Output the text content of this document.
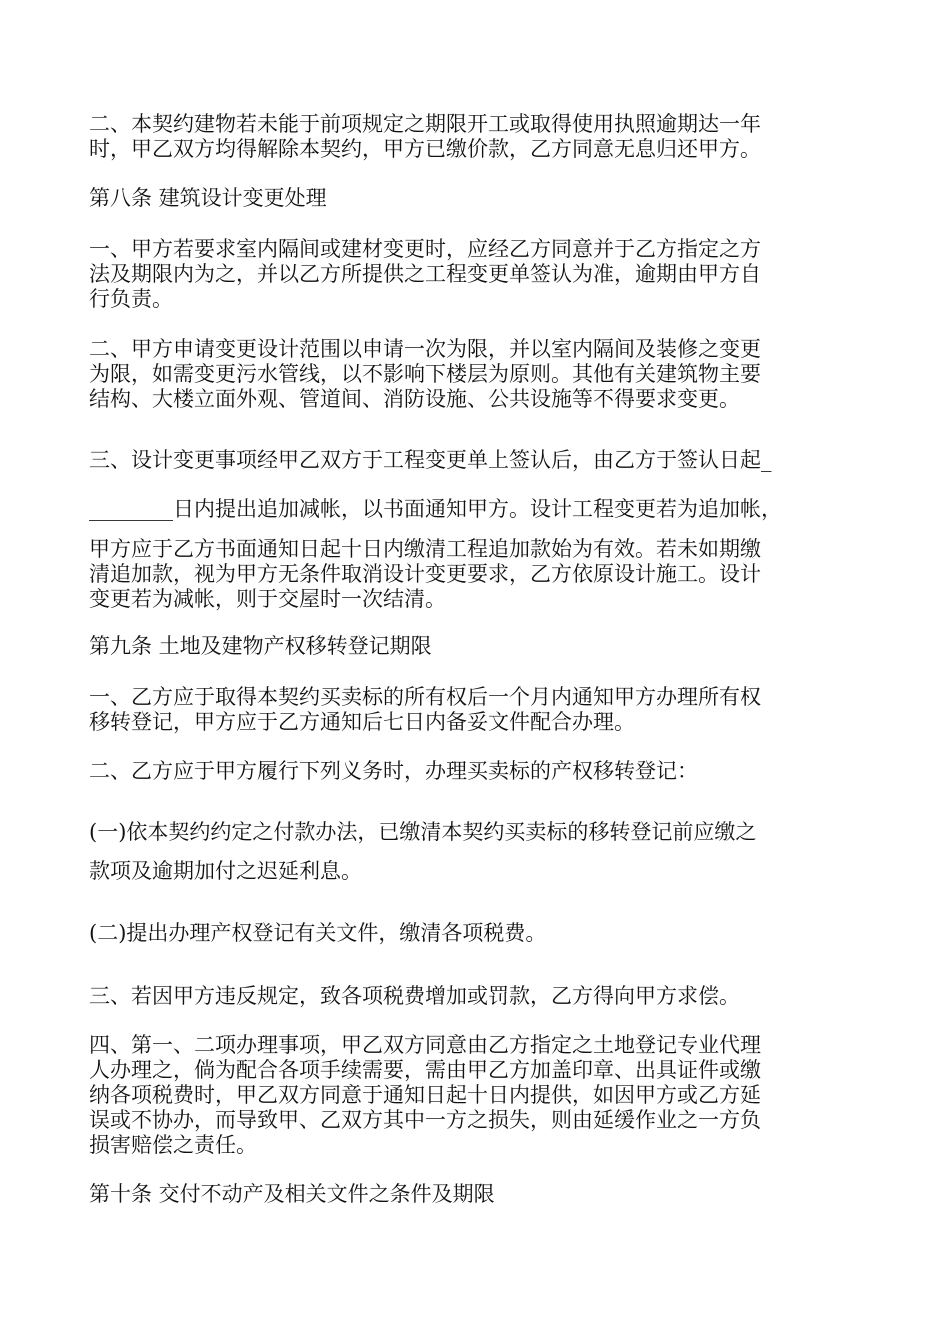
二、本契约建物若未能于前项规定之期限开工或取得使用执照逾期达一年
时，甲乙双方均得解除本契约，甲方已缴价款，乙方同意无息归还甲方。

第八条 建筑设计变更处理

一、甲方若要求室内隔间或建材变更时，应经乙方同意并于乙方指定之方
法及期限内为之，并以乙方所提供之工程变更单签认为准，逾期由甲方自
行负责。

二、甲方申请变更设计范围以申请一次为限，并以室内隔间及装修之变更
为限，如需变更污水管线，以不影响下楼层为原则。其他有关建筑物主要
结构、大楼立面外观、管道间、消防设施、公共设施等不得要求变更。

三、设计变更事项经甲乙双方于工程变更单上签认后，由乙方于签认日起_

________日内提出追加减帐，以书面通知甲方。设计工程变更若为追加帐，

甲方应于乙方书面通知日起十日内缴清工程追加款始为有效。若未如期缴
清追加款，视为甲方无条件取消设计变更要求，乙方依原设计施工。设计
变更若为减帐，则于交屋时一次结清。

第九条 土地及建物产权移转登记期限

一、乙方应于取得本契约买卖标的所有权后一个月内通知甲方办理所有权
移转登记，甲方应于乙方通知后七日内备妥文件配合办理。

二、乙方应于甲方履行下列义务时，办理买卖标的产权移转登记：

(一)依本契约约定之付款办法，已缴清本契约买卖标的移转登记前应缴之

款项及逾期加付之迟延利息。

(二)提出办理产权登记有关文件，缴清各项税费。

三、若因甲方违反规定，致各项税费增加或罚款，乙方得向甲方求偿。

四、第一、二项办理事项，甲乙双方同意由乙方指定之土地登记专业代理
人办理之，倘为配合各项手续需要，需由甲乙方加盖印章、出具证件或缴
纳各项税费时，甲乙双方同意于通知日起十日内提供，如因甲方或乙方延
误或不协办，而导致甲、乙双方其中一方之损失，则由延缓作业之一方负
损害赔偿之责任。

第十条 交付不动产及相关文件之条件及期限
